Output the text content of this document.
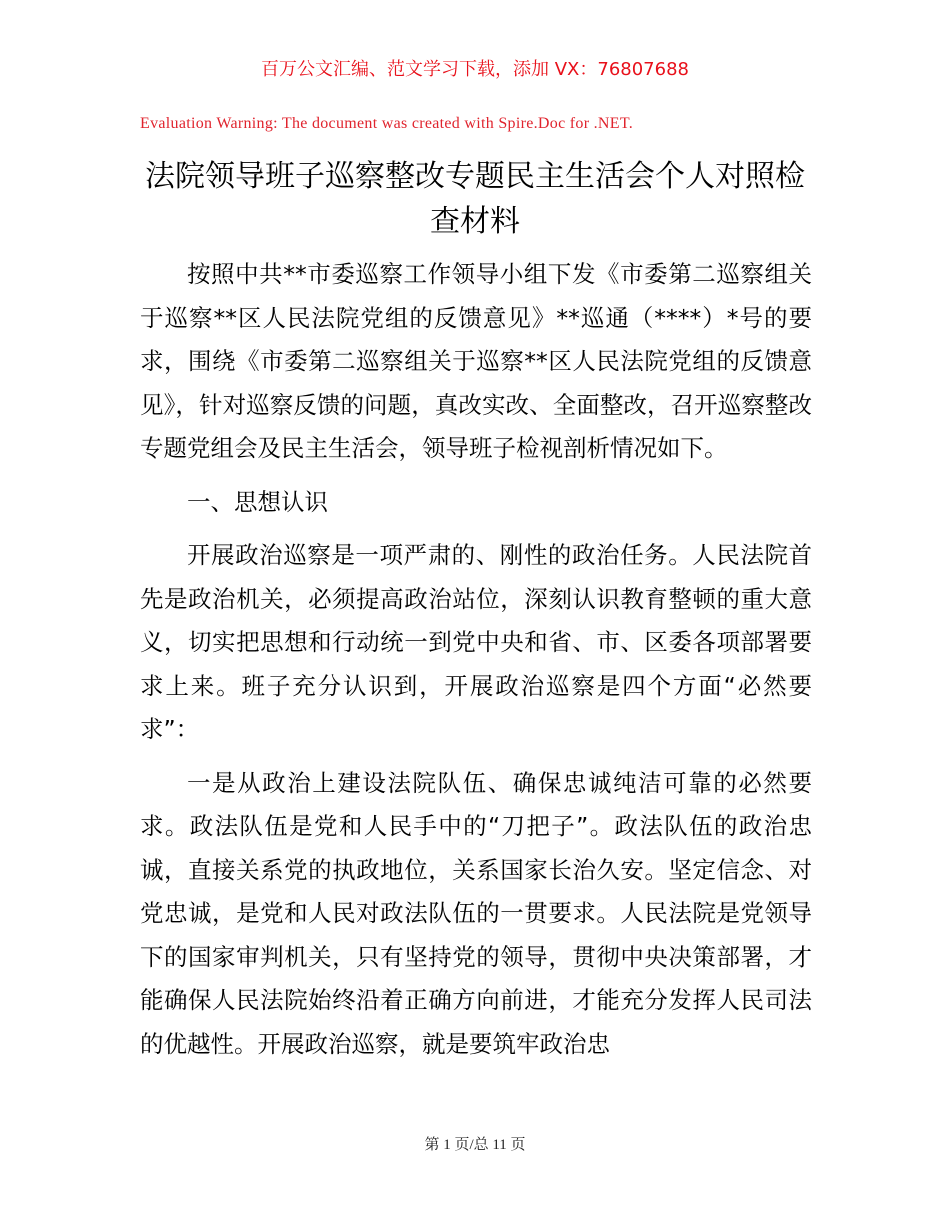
百万公文汇编、范文学习下载，添加 VX：76807688
Evaluation Warning: The document was created with Spire.Doc for .NET.
法院领导班子巡察整改专题民主生活会个人对照检查材料

按照中共**市委巡察工作领导小组下发《市委第二巡察组关于巡察**区人民法院党组的反馈意见》**巡通（****）*号的要求，围绕《市委第二巡察组关于巡察**区人民法院党组的反馈意见》，针对巡察反馈的问题，真改实改、全面整改，召开巡察整改专题党组会及民主生活会，领导班子检视剖析情况如下。

一、思想认识

开展政治巡察是一项严肃的、刚性的政治任务。人民法院首先是政治机关，必须提高政治站位，深刻认识教育整顿的重大意义，切实把思想和行动统一到党中央和省、市、区委各项部署要求上来。班子充分认识到，开展政治巡察是四个方面“必然要求”：

一是从政治上建设法院队伍、确保忠诚纯洁可靠的必然要求。政法队伍是党和人民手中的“刀把子”。政法队伍的政治忠诚，直接关系党的执政地位，关系国家长治久安。坚定信念、对党忠诚，是党和人民对政法队伍的一贯要求。人民法院是党领导下的国家审判机关，只有坚持党的领导，贯彻中央决策部署，才能确保人民法院始终沿着正确方向前进，才能充分发挥人民司法的优越性。开展政治巡察，就是要筑牢政治忠

第 1 页/总 11 页
